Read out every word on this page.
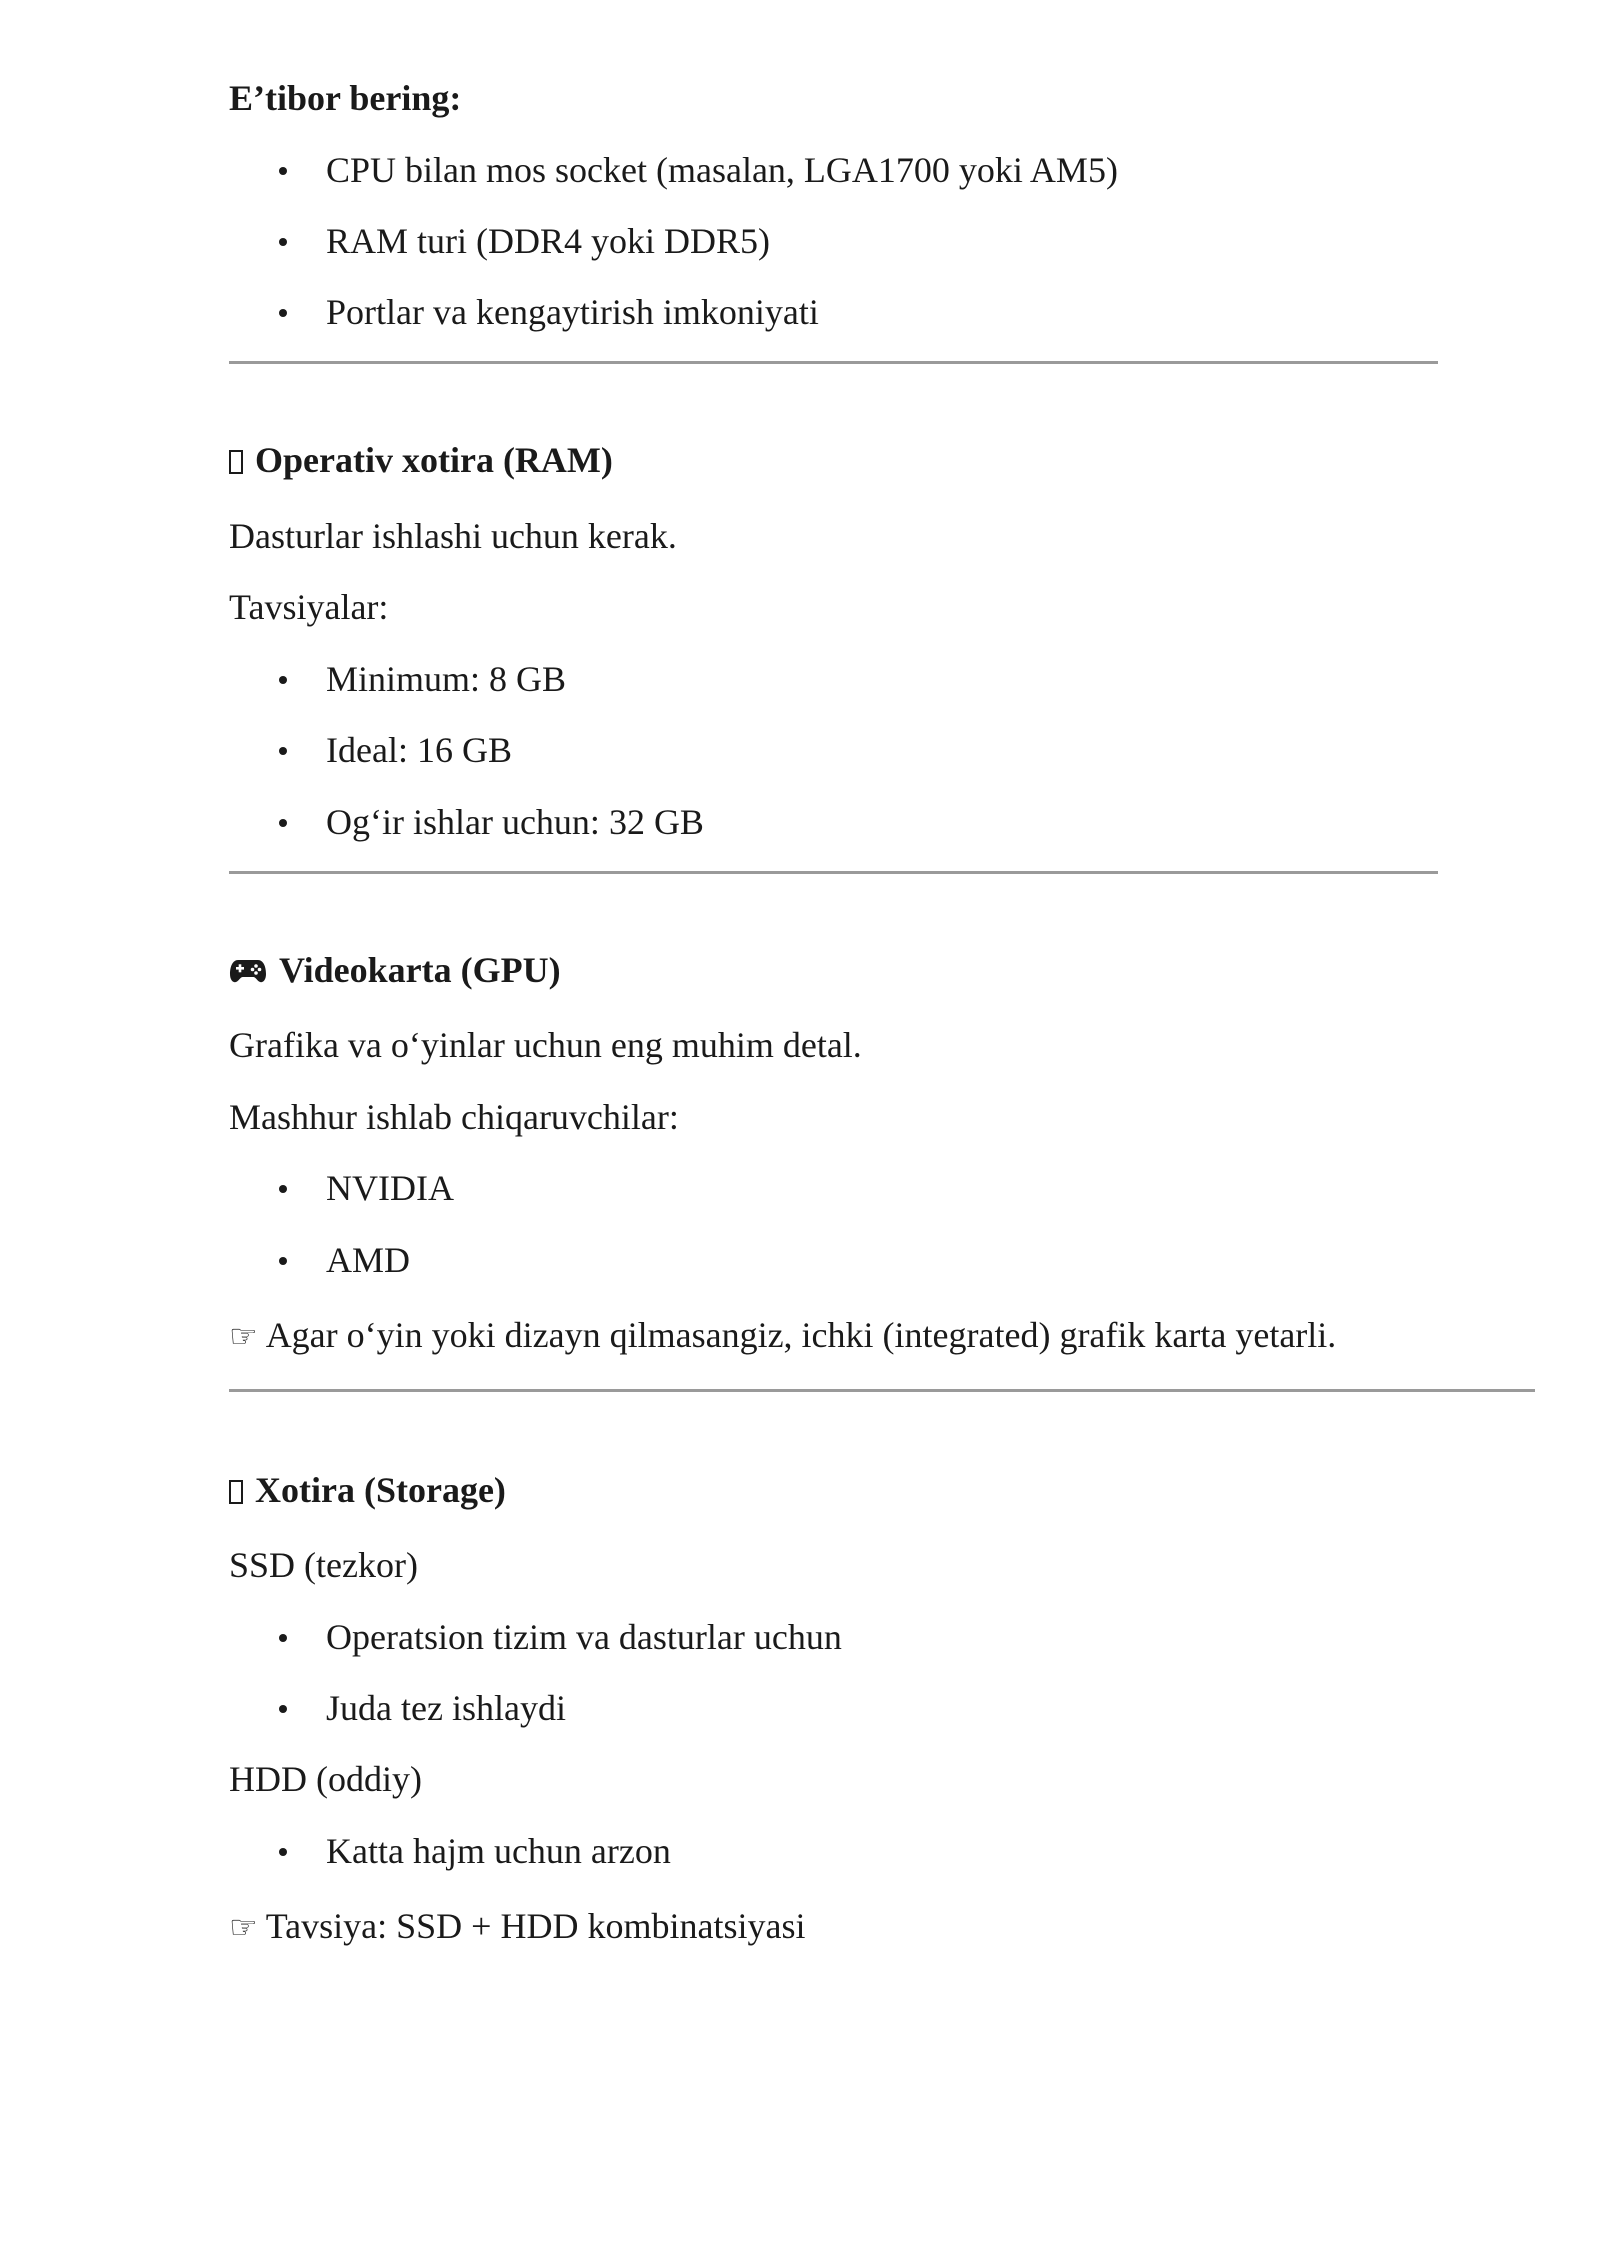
E’tibor bering:
CPU bilan mos socket (masalan, LGA1700 yoki AM5)
RAM turi (DDR4 yoki DDR5)
Portlar va kengaytirish imkoniyati
Operativ xotira (RAM)
Dasturlar ishlashi uchun kerak.
Tavsiyalar:
Minimum: 8 GB
Ideal: 16 GB
Og‘ir ishlar uchun: 32 GB
Videokarta (GPU)
Grafika va o‘yinlar uchun eng muhim detal.
Mashhur ishlab chiqaruvchilar:
NVIDIA
AMD
☞ Agar o‘yin yoki dizayn qilmasangiz, ichki (integrated) grafik karta yetarli.
Xotira (Storage)
SSD (tezkor)
Operatsion tizim va dasturlar uchun
Juda tez ishlaydi
HDD (oddiy)
Katta hajm uchun arzon
☞ Tavsiya: SSD + HDD kombinatsiyasi
